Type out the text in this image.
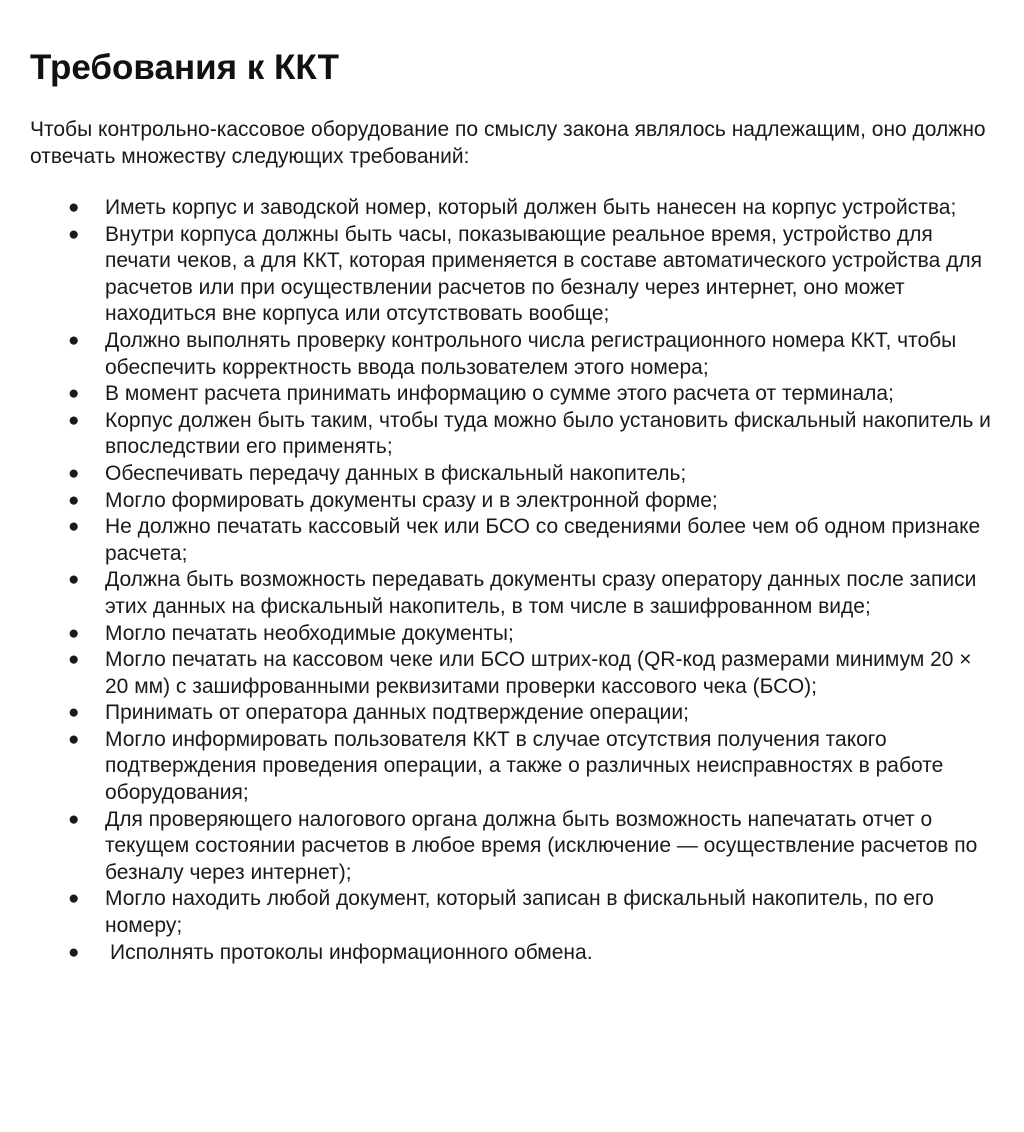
Требования к ККТ

Чтобы контрольно-кассовое оборудование по смыслу закона являлось надлежащим, оно должно отвечать множеству следующих требований:

● Иметь корпус и заводской номер, который должен быть нанесен на корпус устройства;
● Внутри корпуса должны быть часы, показывающие реальное время, устройство для печати чеков, а для ККТ, которая применяется в составе автоматического устройства для расчетов или при осуществлении расчетов по безналу через интернет, оно может находиться вне корпуса или отсутствовать вообще;
● Должно выполнять проверку контрольного числа регистрационного номера ККТ, чтобы обеспечить корректность ввода пользователем этого номера;
● В момент расчета принимать информацию о сумме этого расчета от терминала;
● Корпус должен быть таким, чтобы туда можно было установить фискальный накопитель и впоследствии его применять;
● Обеспечивать передачу данных в фискальный накопитель;
● Могло формировать документы сразу и в электронной форме;
● Не должно печатать кассовый чек или БСО со сведениями более чем об одном признаке расчета;
● Должна быть возможность передавать документы сразу оператору данных после записи этих данных на фискальный накопитель, в том числе в зашифрованном виде;
● Могло печатать необходимые документы;
● Могло печатать на кассовом чеке или БСО штрих-код (QR-код размерами минимум 20 × 20 мм) с зашифрованными реквизитами проверки кассового чека (БСО);
● Принимать от оператора данных подтверждение операции;
● Могло информировать пользователя ККТ в случае отсутствия получения такого подтверждения проведения операции, а также о различных неисправностях в работе оборудования;
● Для проверяющего налогового органа должна быть возможность напечатать отчет о текущем состоянии расчетов в любое время (исключение — осуществление расчетов по безналу через интернет);
● Могло находить любой документ, который записан в фискальный накопитель, по его номеру;
● Исполнять протоколы информационного обмена.
